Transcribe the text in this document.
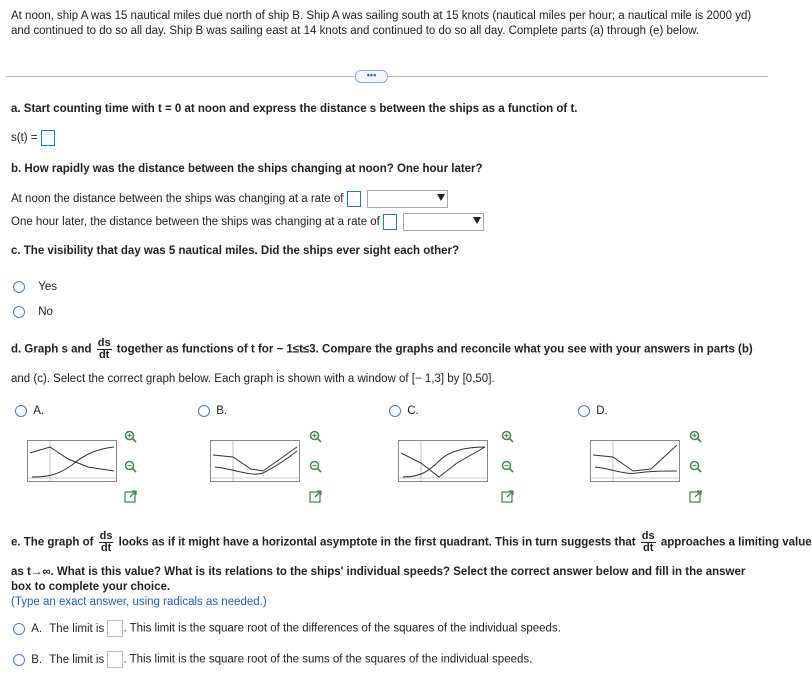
At noon, ship A was 15 nautical miles due north of ship B. Ship A was sailing south at 15 knots (nautical miles per hour; a nautical mile is 2000 yd) and continued to do so all day. Ship B was sailing east at 14 knots and continued to do so all day. Complete parts (a) through (e) below.
•••
a. Start counting time with t = 0 at noon and express the distance s between the ships as a function of t.
s(t) =
b. How rapidly was the distance between the ships changing at noon? One hour later?
At noon the distance between the ships was changing at a rate of
One hour later, the distance between the ships was changing at a rate of
c. The visibility that day was 5 nautical miles. Did the ships ever sight each other?
Yes
No
d. Graph s and $\frac{ds}{dt}$ together as functions of t for − 1≤t≤3. Compare the graphs and reconcile what you see with your answers in parts (b)
and (c). Select the correct graph below. Each graph is shown with a window of [− 1,3] by [0,50].
A.	B.	C.	D.
e. The graph of $\frac{ds}{dt}$ looks as if it might have a horizontal asymptote in the first quadrant. This in turn suggests that $\frac{ds}{dt}$ approaches a limiting value
as t→∞. What is this value? What is its relations to the ships' individual speeds? Select the correct answer below and fill in the answer box to complete your choice.
(Type an exact answer, using radicals as needed.)
A. The limit is . This limit is the square root of the differences of the squares of the individual speeds.
B. The limit is . This limit is the square root of the sums of the squares of the individual speeds.
